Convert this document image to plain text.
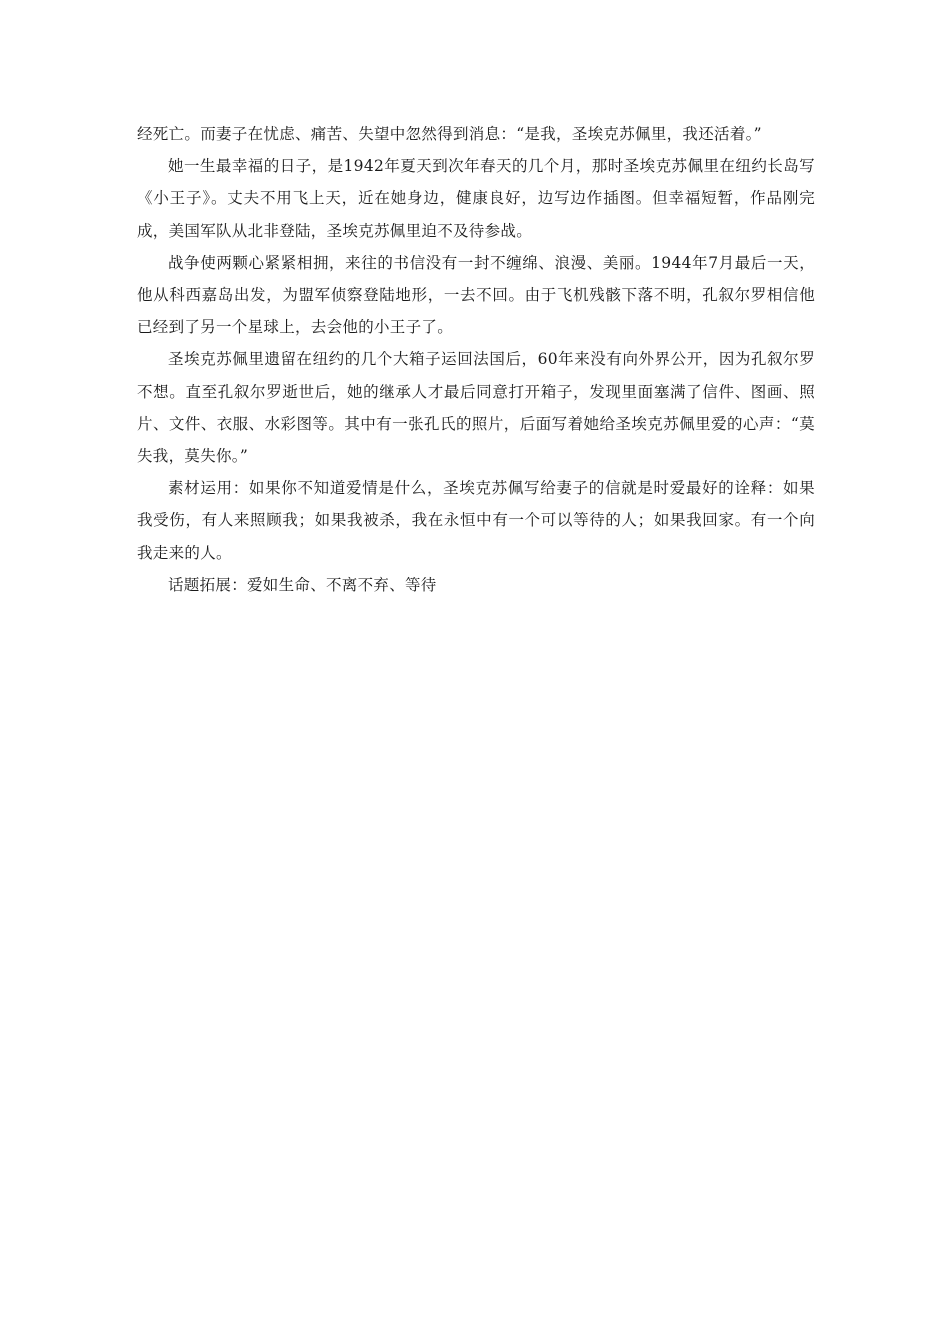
经死亡。而妻子在忧虑、痛苦、失望中忽然得到消息：“是我，圣埃克苏佩里，我还活着。”

她一生最幸福的日子，是1942年夏天到次年春天的几个月，那时圣埃克苏佩里在纽约长岛写《小王子》。丈夫不用飞上天，近在她身边，健康良好，边写边作插图。但幸福短暂，作品刚完成，美国军队从北非登陆，圣埃克苏佩里迫不及待参战。

战争使两颗心紧紧相拥，来往的书信没有一封不缠绵、浪漫、美丽。1944年7月最后一天，他从科西嘉岛出发，为盟军侦察登陆地形，一去不回。由于飞机残骸下落不明，孔叙尔罗相信他已经到了另一个星球上，去会他的小王子了。

圣埃克苏佩里遗留在纽约的几个大箱子运回法国后，60年来没有向外界公开，因为孔叙尔罗不想。直至孔叙尔罗逝世后，她的继承人才最后同意打开箱子，发现里面塞满了信件、图画、照片、文件、衣服、水彩图等。其中有一张孔氏的照片，后面写着她给圣埃克苏佩里爱的心声：“莫失我，莫失你。”

素材运用：如果你不知道爱情是什么，圣埃克苏佩写给妻子的信就是时爱最好的诠释：如果我受伤，有人来照顾我；如果我被杀，我在永恒中有一个可以等待的人；如果我回家。有一个向我走来的人。

话题拓展：爱如生命、不离不弃、等待
